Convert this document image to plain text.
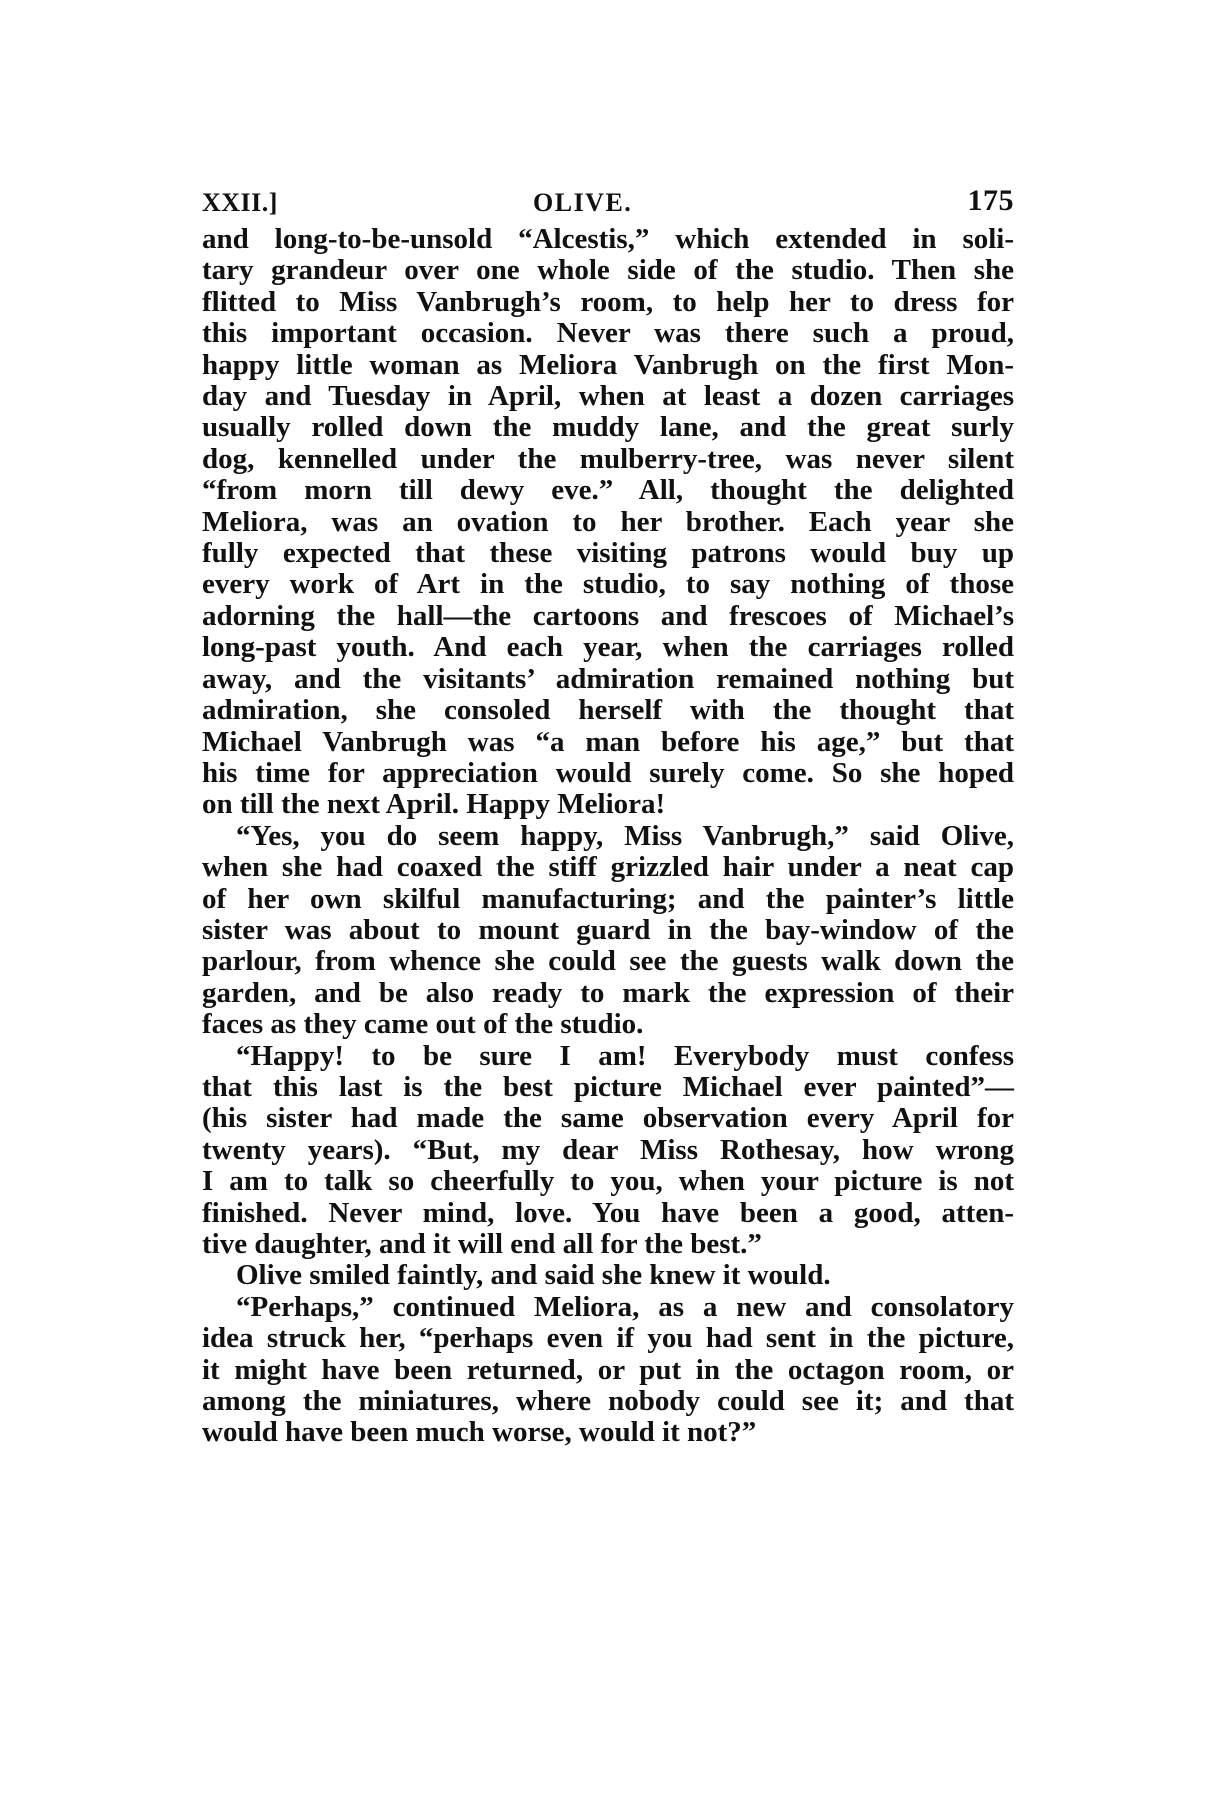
XXII.]	OLIVE.	175
and long-to-be-unsold “Alcestis,” which extended in soli-
tary grandeur over one whole side of the studio. Then she
flitted to Miss Vanbrugh’s room, to help her to dress for
this important occasion. Never was there such a proud,
happy little woman as Meliora Vanbrugh on the first Mon-
day and Tuesday in April, when at least a dozen carriages
usually rolled down the muddy lane, and the great surly
dog, kennelled under the mulberry-tree, was never silent
“from morn till dewy eve.” All, thought the delighted
Meliora, was an ovation to her brother. Each year she
fully expected that these visiting patrons would buy up
every work of Art in the studio, to say nothing of those
adorning the hall—the cartoons and frescoes of Michael’s
long-past youth. And each year, when the carriages rolled
away, and the visitants’ admiration remained nothing but
admiration, she consoled herself with the thought that
Michael Vanbrugh was “a man before his age,” but that
his time for appreciation would surely come. So she hoped
on till the next April. Happy Meliora!
“Yes, you do seem happy, Miss Vanbrugh,” said Olive,
when she had coaxed the stiff grizzled hair under a neat cap
of her own skilful manufacturing; and the painter’s little
sister was about to mount guard in the bay-window of the
parlour, from whence she could see the guests walk down the
garden, and be also ready to mark the expression of their
faces as they came out of the studio.
“Happy! to be sure I am! Everybody must confess
that this last is the best picture Michael ever painted”—
(his sister had made the same observation every April for
twenty years). “But, my dear Miss Rothesay, how wrong
I am to talk so cheerfully to you, when your picture is not
finished. Never mind, love. You have been a good, atten-
tive daughter, and it will end all for the best.”
Olive smiled faintly, and said she knew it would.
“Perhaps,” continued Meliora, as a new and consolatory
idea struck her, “perhaps even if you had sent in the picture,
it might have been returned, or put in the octagon room, or
among the miniatures, where nobody could see it; and that
would have been much worse, would it not?”
